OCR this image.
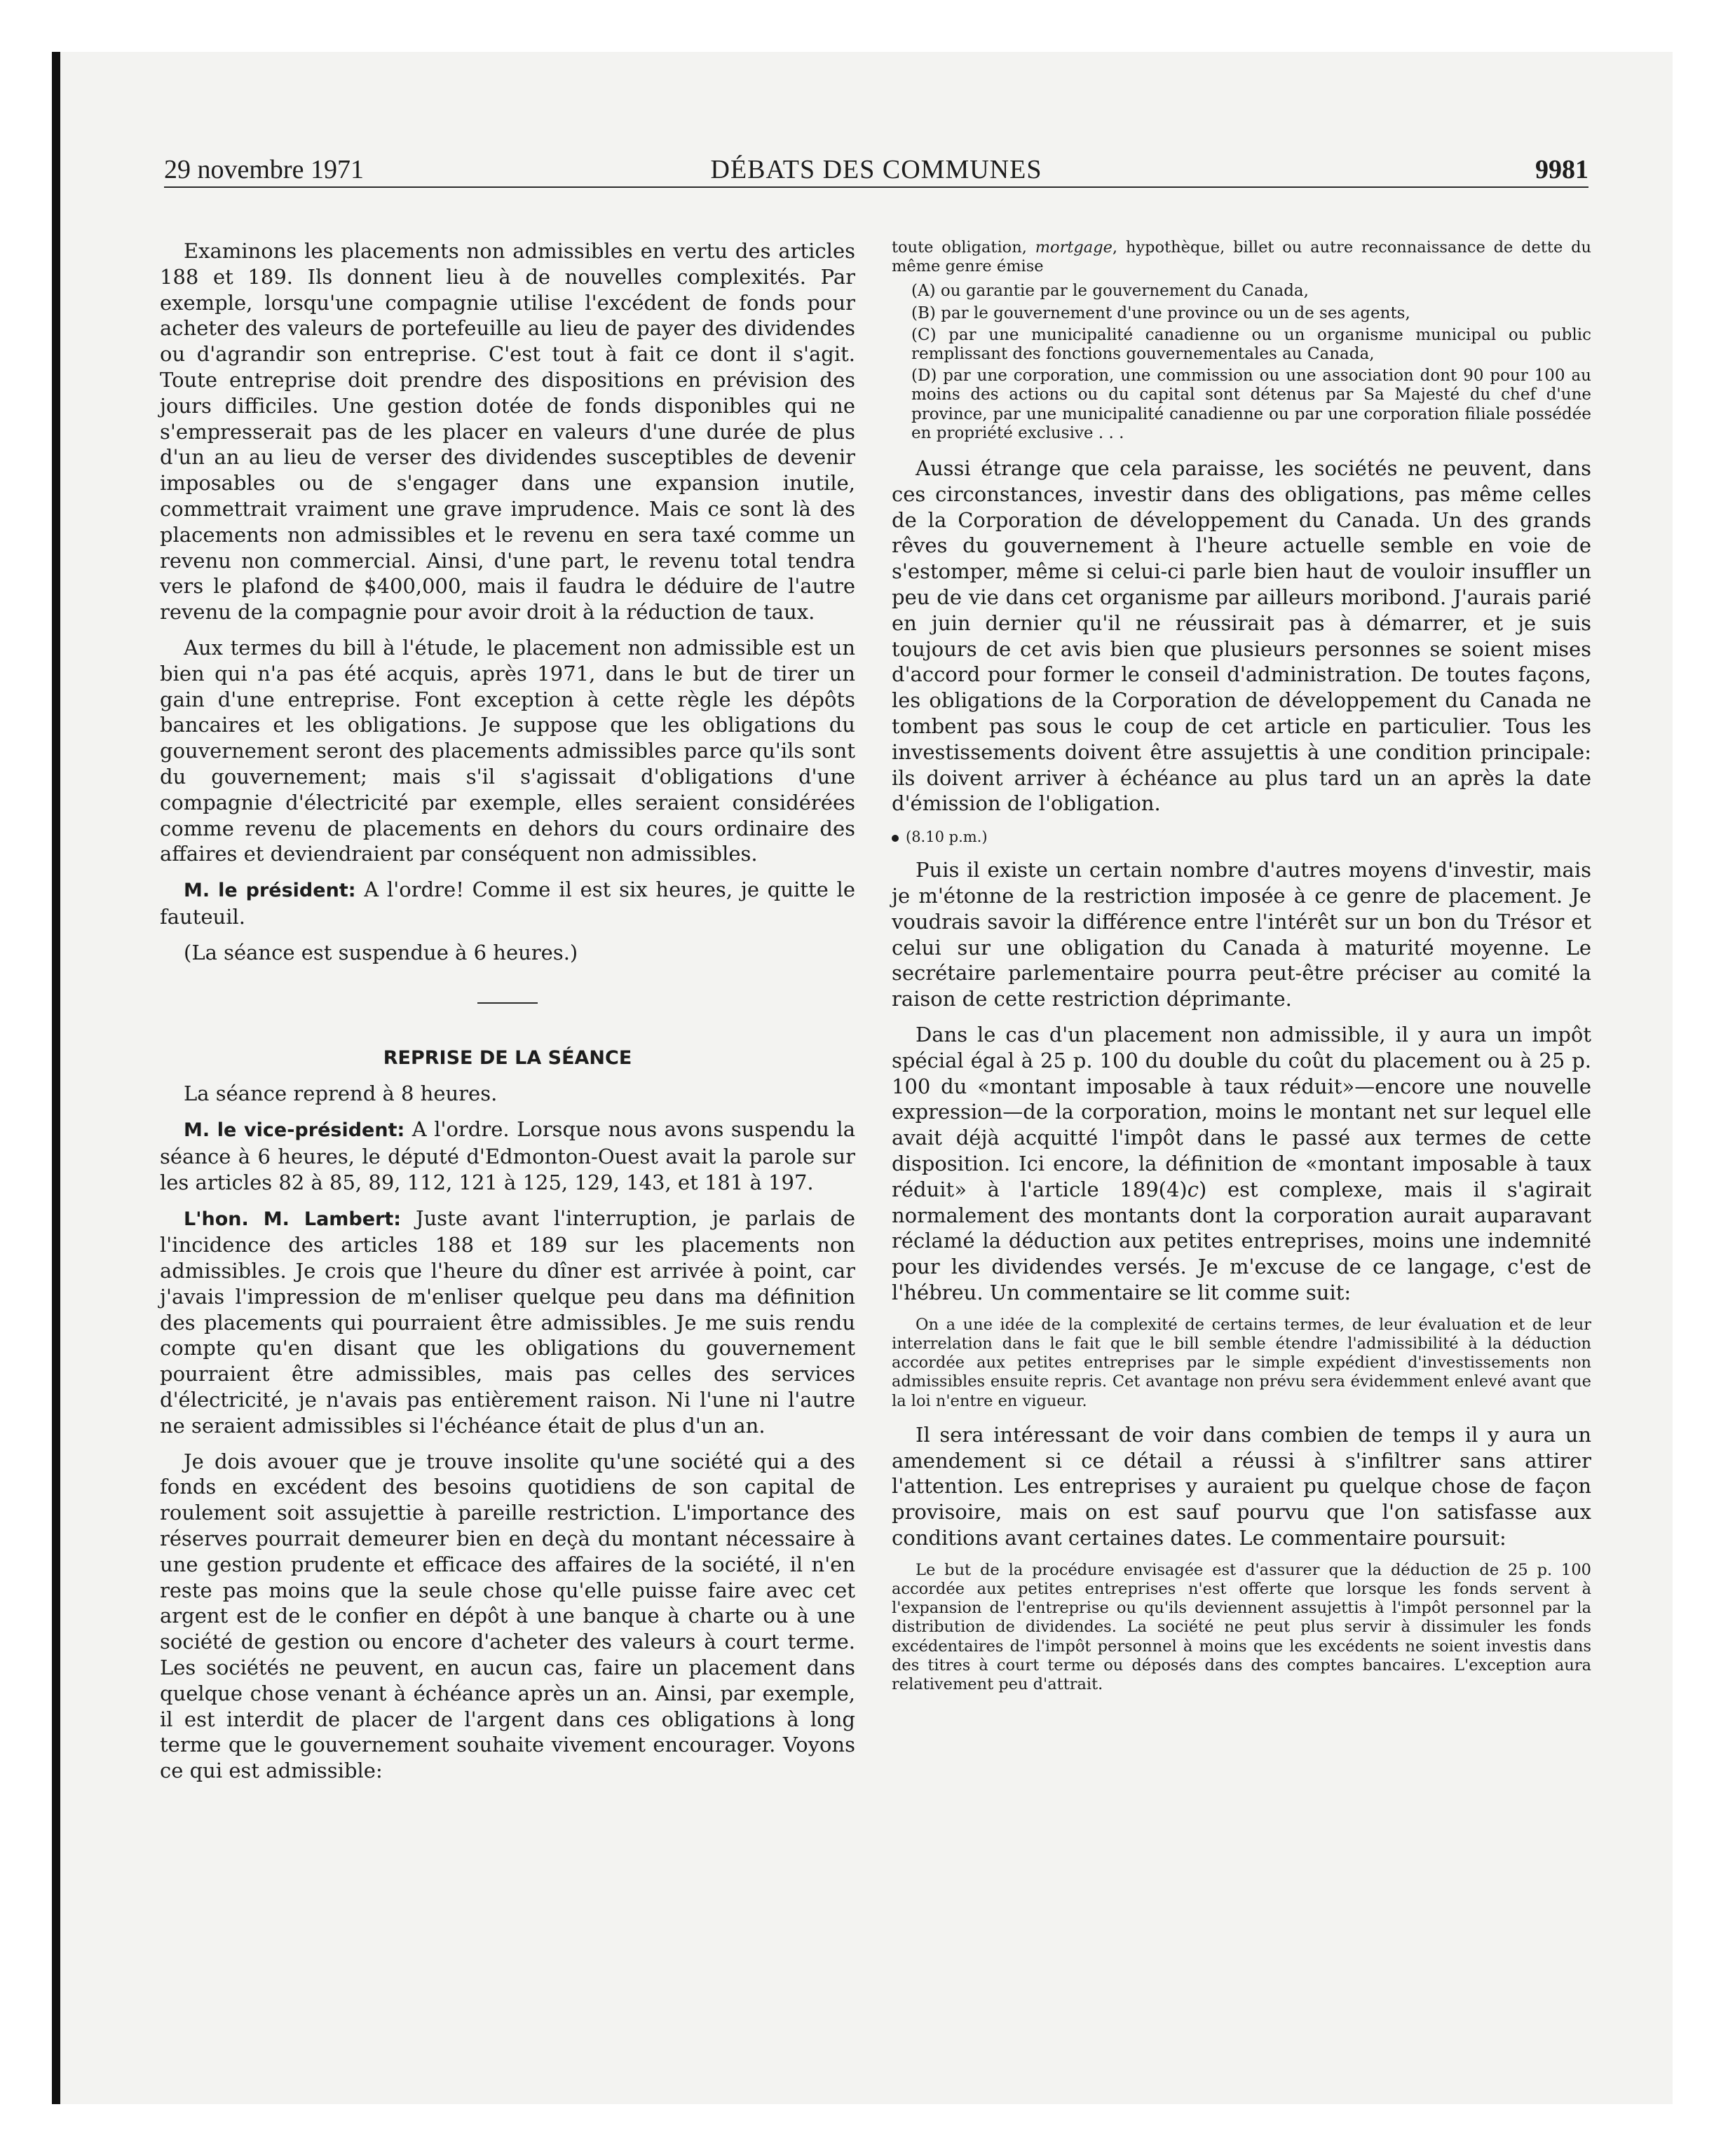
29 novembre 1971	DÉBATS DES COMMUNES	9981

Examinons les placements non admissibles en vertu des articles 188 et 189. Ils donnent lieu à de nouvelles complexités. Par exemple, lorsqu'une compagnie utilise l'excédent de fonds pour acheter des valeurs de portefeuille au lieu de payer des dividendes ou d'agrandir son entreprise. C'est tout à fait ce dont il s'agit. Toute entreprise doit prendre des dispositions en prévision des jours difficiles. Une gestion dotée de fonds disponibles qui ne s'empresserait pas de les placer en valeurs d'une durée de plus d'un an au lieu de verser des dividendes susceptibles de devenir imposables ou de s'engager dans une expansion inutile, commettrait vraiment une grave imprudence. Mais ce sont là des placements non admissibles et le revenu en sera taxé comme un revenu non commercial. Ainsi, d'une part, le revenu total tendra vers le plafond de $400,000, mais il faudra le déduire de l'autre revenu de la compagnie pour avoir droit à la réduction de taux.

Aux termes du bill à l'étude, le placement non admissible est un bien qui n'a pas été acquis, après 1971, dans le but de tirer un gain d'une entreprise. Font exception à cette règle les dépôts bancaires et les obligations. Je suppose que les obligations du gouvernement seront des placements admissibles parce qu'ils sont du gouvernement; mais s'il s'agissait d'obligations d'une compagnie d'électricité par exemple, elles seraient considérées comme revenu de placements en dehors du cours ordinaire des affaires et deviendraient par conséquent non admissibles.

M. le président: A l'ordre! Comme il est six heures, je quitte le fauteuil.

(La séance est suspendue à 6 heures.)

REPRISE DE LA SÉANCE

La séance reprend à 8 heures.

M. le vice-président: A l'ordre. Lorsque nous avons suspendu la séance à 6 heures, le député d'Edmonton-Ouest avait la parole sur les articles 82 à 85, 89, 112, 121 à 125, 129, 143, et 181 à 197.

L'hon. M. Lambert: Juste avant l'interruption, je parlais de l'incidence des articles 188 et 189 sur les placements non admissibles. Je crois que l'heure du dîner est arrivée à point, car j'avais l'impression de m'enliser quelque peu dans ma définition des placements qui pourraient être admissibles. Je me suis rendu compte qu'en disant que les obligations du gouvernement pourraient être admissibles, mais pas celles des services d'électricité, je n'avais pas entièrement raison. Ni l'une ni l'autre ne seraient admissibles si l'échéance était de plus d'un an.

Je dois avouer que je trouve insolite qu'une société qui a des fonds en excédent des besoins quotidiens de son capital de roulement soit assujettie à pareille restriction. L'importance des réserves pourrait demeurer bien en deçà du montant nécessaire à une gestion prudente et efficace des affaires de la société, il n'en reste pas moins que la seule chose qu'elle puisse faire avec cet argent est de le confier en dépôt à une banque à charte ou à une société de gestion ou encore d'acheter des valeurs à court terme. Les sociétés ne peuvent, en aucun cas, faire un placement dans quelque chose venant à échéance après un an. Ainsi, par exemple, il est interdit de placer de l'argent dans ces obligations à long terme que le gouvernement souhaite vivement encourager. Voyons ce qui est admissible:

toute obligation, mortgage, hypothèque, billet ou autre reconnaissance de dette du même genre émise

(A) ou garantie par le gouvernement du Canada,

(B) par le gouvernement d'une province ou un de ses agents,

(C) par une municipalité canadienne ou un organisme municipal ou public remplissant des fonctions gouvernementales au Canada,

(D) par une corporation, une commission ou une association dont 90 pour 100 au moins des actions ou du capital sont détenus par Sa Majesté du chef d'une province, par une municipalité canadienne ou par une corporation filiale possédée en propriété exclusive . . .

Aussi étrange que cela paraisse, les sociétés ne peuvent, dans ces circonstances, investir dans des obligations, pas même celles de la Corporation de développement du Canada. Un des grands rêves du gouvernement à l'heure actuelle semble en voie de s'estomper, même si celui-ci parle bien haut de vouloir insuffler un peu de vie dans cet organisme par ailleurs moribond. J'aurais parié en juin dernier qu'il ne réussirait pas à démarrer, et je suis toujours de cet avis bien que plusieurs personnes se soient mises d'accord pour former le conseil d'administration. De toutes façons, les obligations de la Corporation de développement du Canada ne tombent pas sous le coup de cet article en particulier. Tous les investissements doivent être assujettis à une condition principale: ils doivent arriver à échéance au plus tard un an après la date d'émission de l'obligation.

(8.10 p.m.)

Puis il existe un certain nombre d'autres moyens d'investir, mais je m'étonne de la restriction imposée à ce genre de placement. Je voudrais savoir la différence entre l'intérêt sur un bon du Trésor et celui sur une obligation du Canada à maturité moyenne. Le secrétaire parlementaire pourra peut-être préciser au comité la raison de cette restriction déprimante.

Dans le cas d'un placement non admissible, il y aura un impôt spécial égal à 25 p. 100 du double du coût du placement ou à 25 p. 100 du «montant imposable à taux réduit»—encore une nouvelle expression—de la corporation, moins le montant net sur lequel elle avait déjà acquitté l'impôt dans le passé aux termes de cette disposition. Ici encore, la définition de «montant imposable à taux réduit» à l'article 189(4)c) est complexe, mais il s'agirait normalement des montants dont la corporation aurait auparavant réclamé la déduction aux petites entreprises, moins une indemnité pour les dividendes versés. Je m'excuse de ce langage, c'est de l'hébreu. Un commentaire se lit comme suit:

On a une idée de la complexité de certains termes, de leur évaluation et de leur interrelation dans le fait que le bill semble étendre l'admissibilité à la déduction accordée aux petites entreprises par le simple expédient d'investissements non admissibles ensuite repris. Cet avantage non prévu sera évidemment enlevé avant que la loi n'entre en vigueur.

Il sera intéressant de voir dans combien de temps il y aura un amendement si ce détail a réussi à s'infiltrer sans attirer l'attention. Les entreprises y auraient pu quelque chose de façon provisoire, mais on est sauf pourvu que l'on satisfasse aux conditions avant certaines dates. Le commentaire poursuit:

Le but de la procédure envisagée est d'assurer que la déduction de 25 p. 100 accordée aux petites entreprises n'est offerte que lorsque les fonds servent à l'expansion de l'entreprise ou qu'ils deviennent assujettis à l'impôt personnel par la distribution de dividendes. La société ne peut plus servir à dissimuler les fonds excédentaires de l'impôt personnel à moins que les excédents ne soient investis dans des titres à court terme ou déposés dans des comptes bancaires. L'exception aura relativement peu d'attrait.
